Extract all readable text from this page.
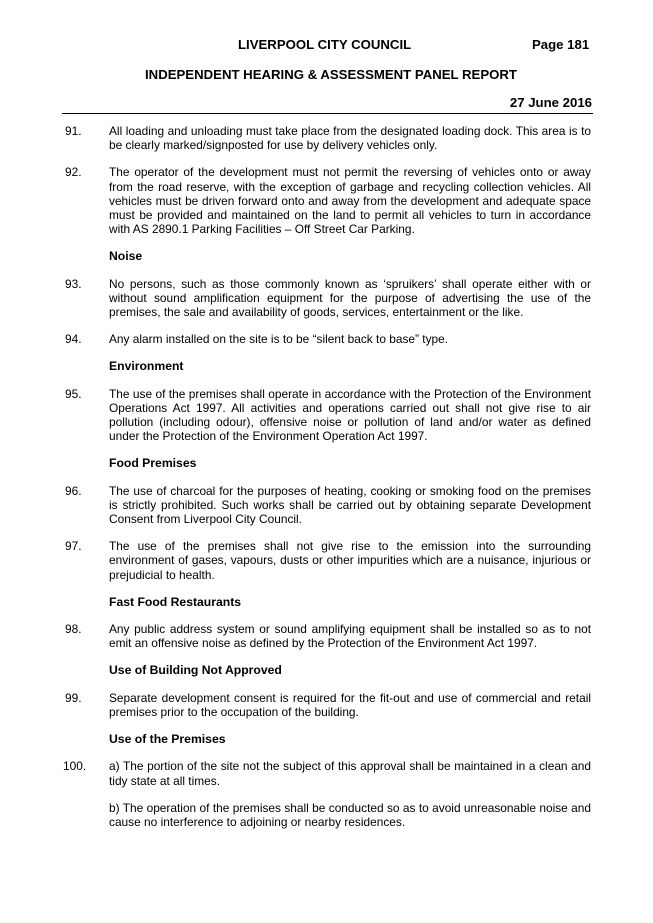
LIVERPOOL CITY COUNCIL	Page 181
INDEPENDENT HEARING & ASSESSMENT PANEL REPORT
27 June 2016
91.	All loading and unloading must take place from the designated loading dock. This area is to be clearly marked/signposted for use by delivery vehicles only.
92.	The operator of the development must not permit the reversing of vehicles onto or away from the road reserve, with the exception of garbage and recycling collection vehicles. All vehicles must be driven forward onto and away from the development and adequate space must be provided and maintained on the land to permit all vehicles to turn in accordance with AS 2890.1 Parking Facilities – Off Street Car Parking.
Noise
93.	No persons, such as those commonly known as ‘spruikers’ shall operate either with or without sound amplification equipment for the purpose of advertising the use of the premises, the sale and availability of goods, services, entertainment or the like.
94.	Any alarm installed on the site is to be “silent back to base” type.
Environment
95.	The use of the premises shall operate in accordance with the Protection of the Environment Operations Act 1997. All activities and operations carried out shall not give rise to air pollution (including odour), offensive noise or pollution of land and/or water as defined under the Protection of the Environment Operation Act 1997.
Food Premises
96.	The use of charcoal for the purposes of heating, cooking or smoking food on the premises is strictly prohibited. Such works shall be carried out by obtaining separate Development Consent from Liverpool City Council.
97.	The use of the premises shall not give rise to the emission into the surrounding environment of gases, vapours, dusts or other impurities which are a nuisance, injurious or prejudicial to health.
Fast Food Restaurants
98.	Any public address system or sound amplifying equipment shall be installed so as to not emit an offensive noise as defined by the Protection of the Environment Act 1997.
Use of Building Not Approved
99.	Separate development consent is required for the fit-out and use of commercial and retail premises prior to the occupation of the building.
Use of the Premises
100.	a) The portion of the site not the subject of this approval shall be maintained in a clean and tidy state at all times.

b) The operation of the premises shall be conducted so as to avoid unreasonable noise and cause no interference to adjoining or nearby residences.
